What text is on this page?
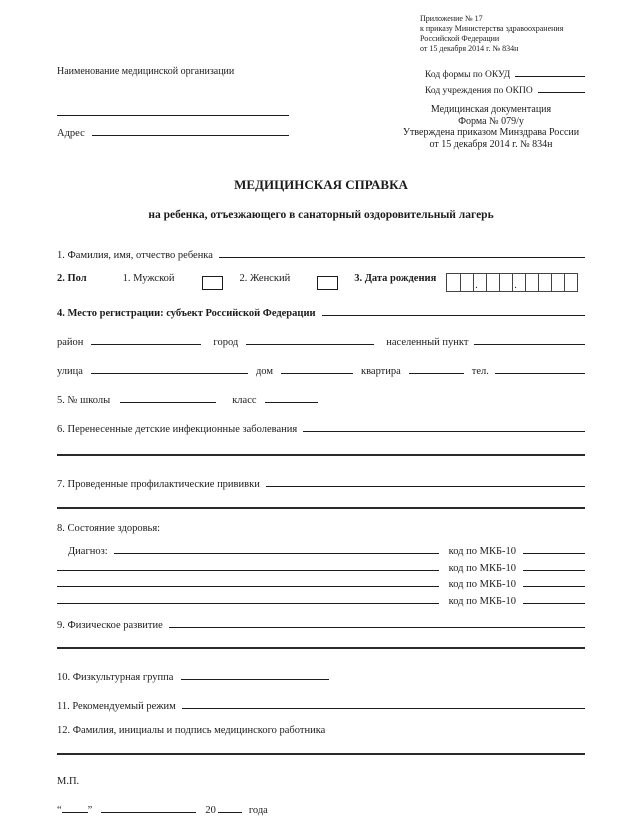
Приложение № 17
к приказу Министерства здравоохранения
Российской Федерации
от 15 декабря 2014 г. № 834н
Наименование медицинской организации	Код формы по ОКУД
Код учреждения по ОКПО
Адрес
Медицинская документация
Форма № 079/у
Утверждена приказом Минздрава России
от 15 декабря 2014 г. № 834н
МЕДИЦИНСКАЯ СПРАВКА
на ребенка, отъезжающего в санаторный оздоровительный лагерь
1. Фамилия, имя, отчество ребенка
2. Пол	1. Мужской	2. Женский	3. Дата рождения
.	.
4. Место регистрации: субъект Российской Федерации
район	город	населенный пункт
улица	дом	квартира	тел.
5. № школы	класс
6. Перенесенные детские инфекционные заболевания
7. Проведенные профилактические прививки
8. Состояние здоровья:
Диагноз:	код по МКБ-10
код по МКБ-10
код по МКБ-10
код по МКБ-10
9. Физическое развитие
10. Физкультурная группа
11. Рекомендуемый режим
12. Фамилия, инициалы и подпись медицинского работника
М.П.
“ ”	20	года
